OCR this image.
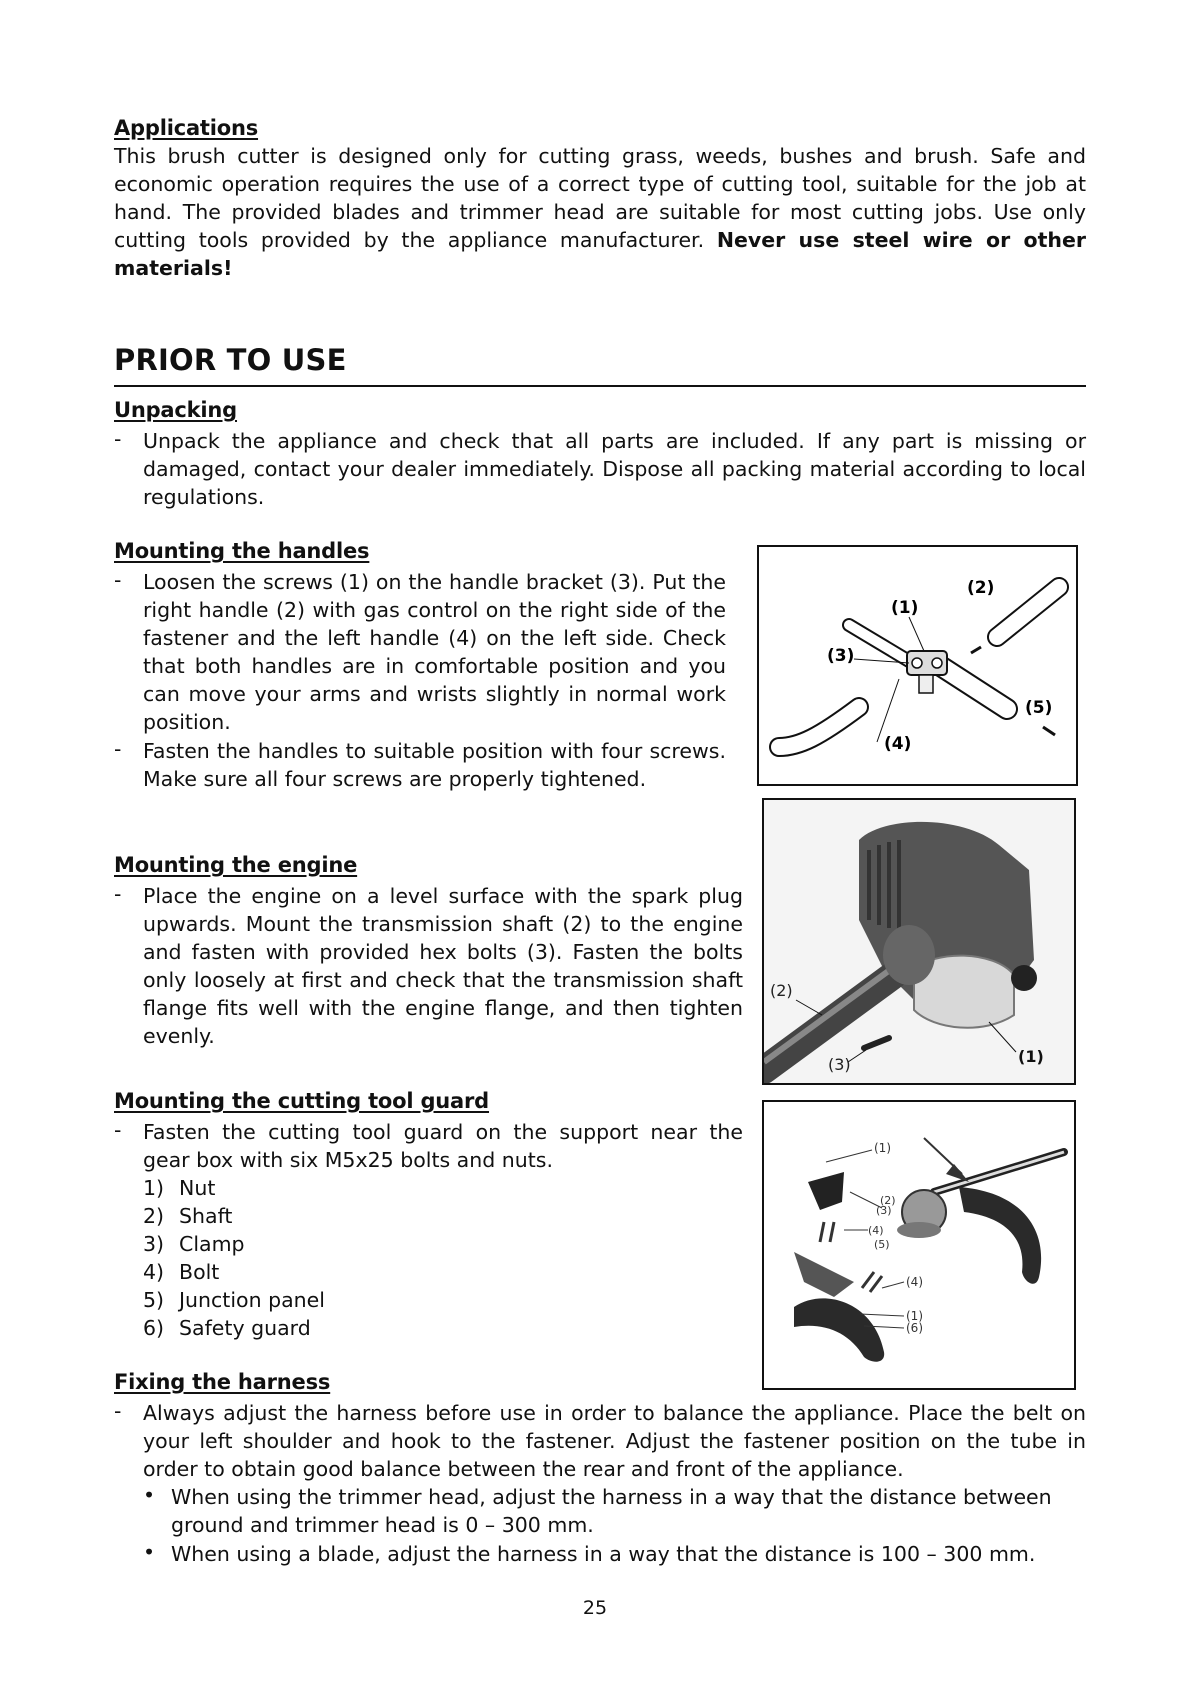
Applications
This brush cutter is designed only for cutting grass, weeds, bushes and brush. Safe and economic operation requires the use of a correct type of cutting tool, suitable for the job at hand. The provided blades and trimmer head are suitable for most cutting jobs. Use only cutting tools provided by the appliance manufacturer. Never use steel wire or other materials!
PRIOR TO USE
Unpacking
- Unpack the appliance and check that all parts are included. If any part is missing or damaged, contact your dealer immediately. Dispose all packing material according to local regulations.
Mounting the handles
- Loosen the screws (1) on the handle bracket (3). Put the right handle (2) with gas control on the right side of the fastener and the left handle (4) on the left side. Check that both handles are in comfortable position and you can move your arms and wrists slightly in normal work position.
- Fasten the handles to suitable position with four screws. Make sure all four screws are properly tightened.
(1)
(2)
(3)
(4)
(5)
Mounting the engine
- Place the engine on a level surface with the spark plug upwards. Mount the transmission shaft (2) to the engine and fasten with provided hex bolts (3). Fasten the bolts only loosely at first and check that the transmission shaft flange fits well with the engine flange, and then tighten evenly.
(2)
(3)	(1)
Mounting the cutting tool guard
- Fasten the cutting tool guard on the support near the gear box with six M5x25 bolts and nuts.
1) Nut
2) Shaft
3) Clamp
4) Bolt
5) Junction panel
6) Safety guard
(1)
(2)
(3)
(4)
(5)
(4)
(1)
(6)
Fixing the harness
- Always adjust the harness before use in order to balance the appliance. Place the belt on your left shoulder and hook to the fastener. Adjust the fastener position on the tube in order to obtain good balance between the rear and front of the appliance.
• When using the trimmer head, adjust the harness in a way that the distance between ground and trimmer head is 0 – 300 mm.
• When using a blade, adjust the harness in a way that the distance is 100 – 300 mm.
25
